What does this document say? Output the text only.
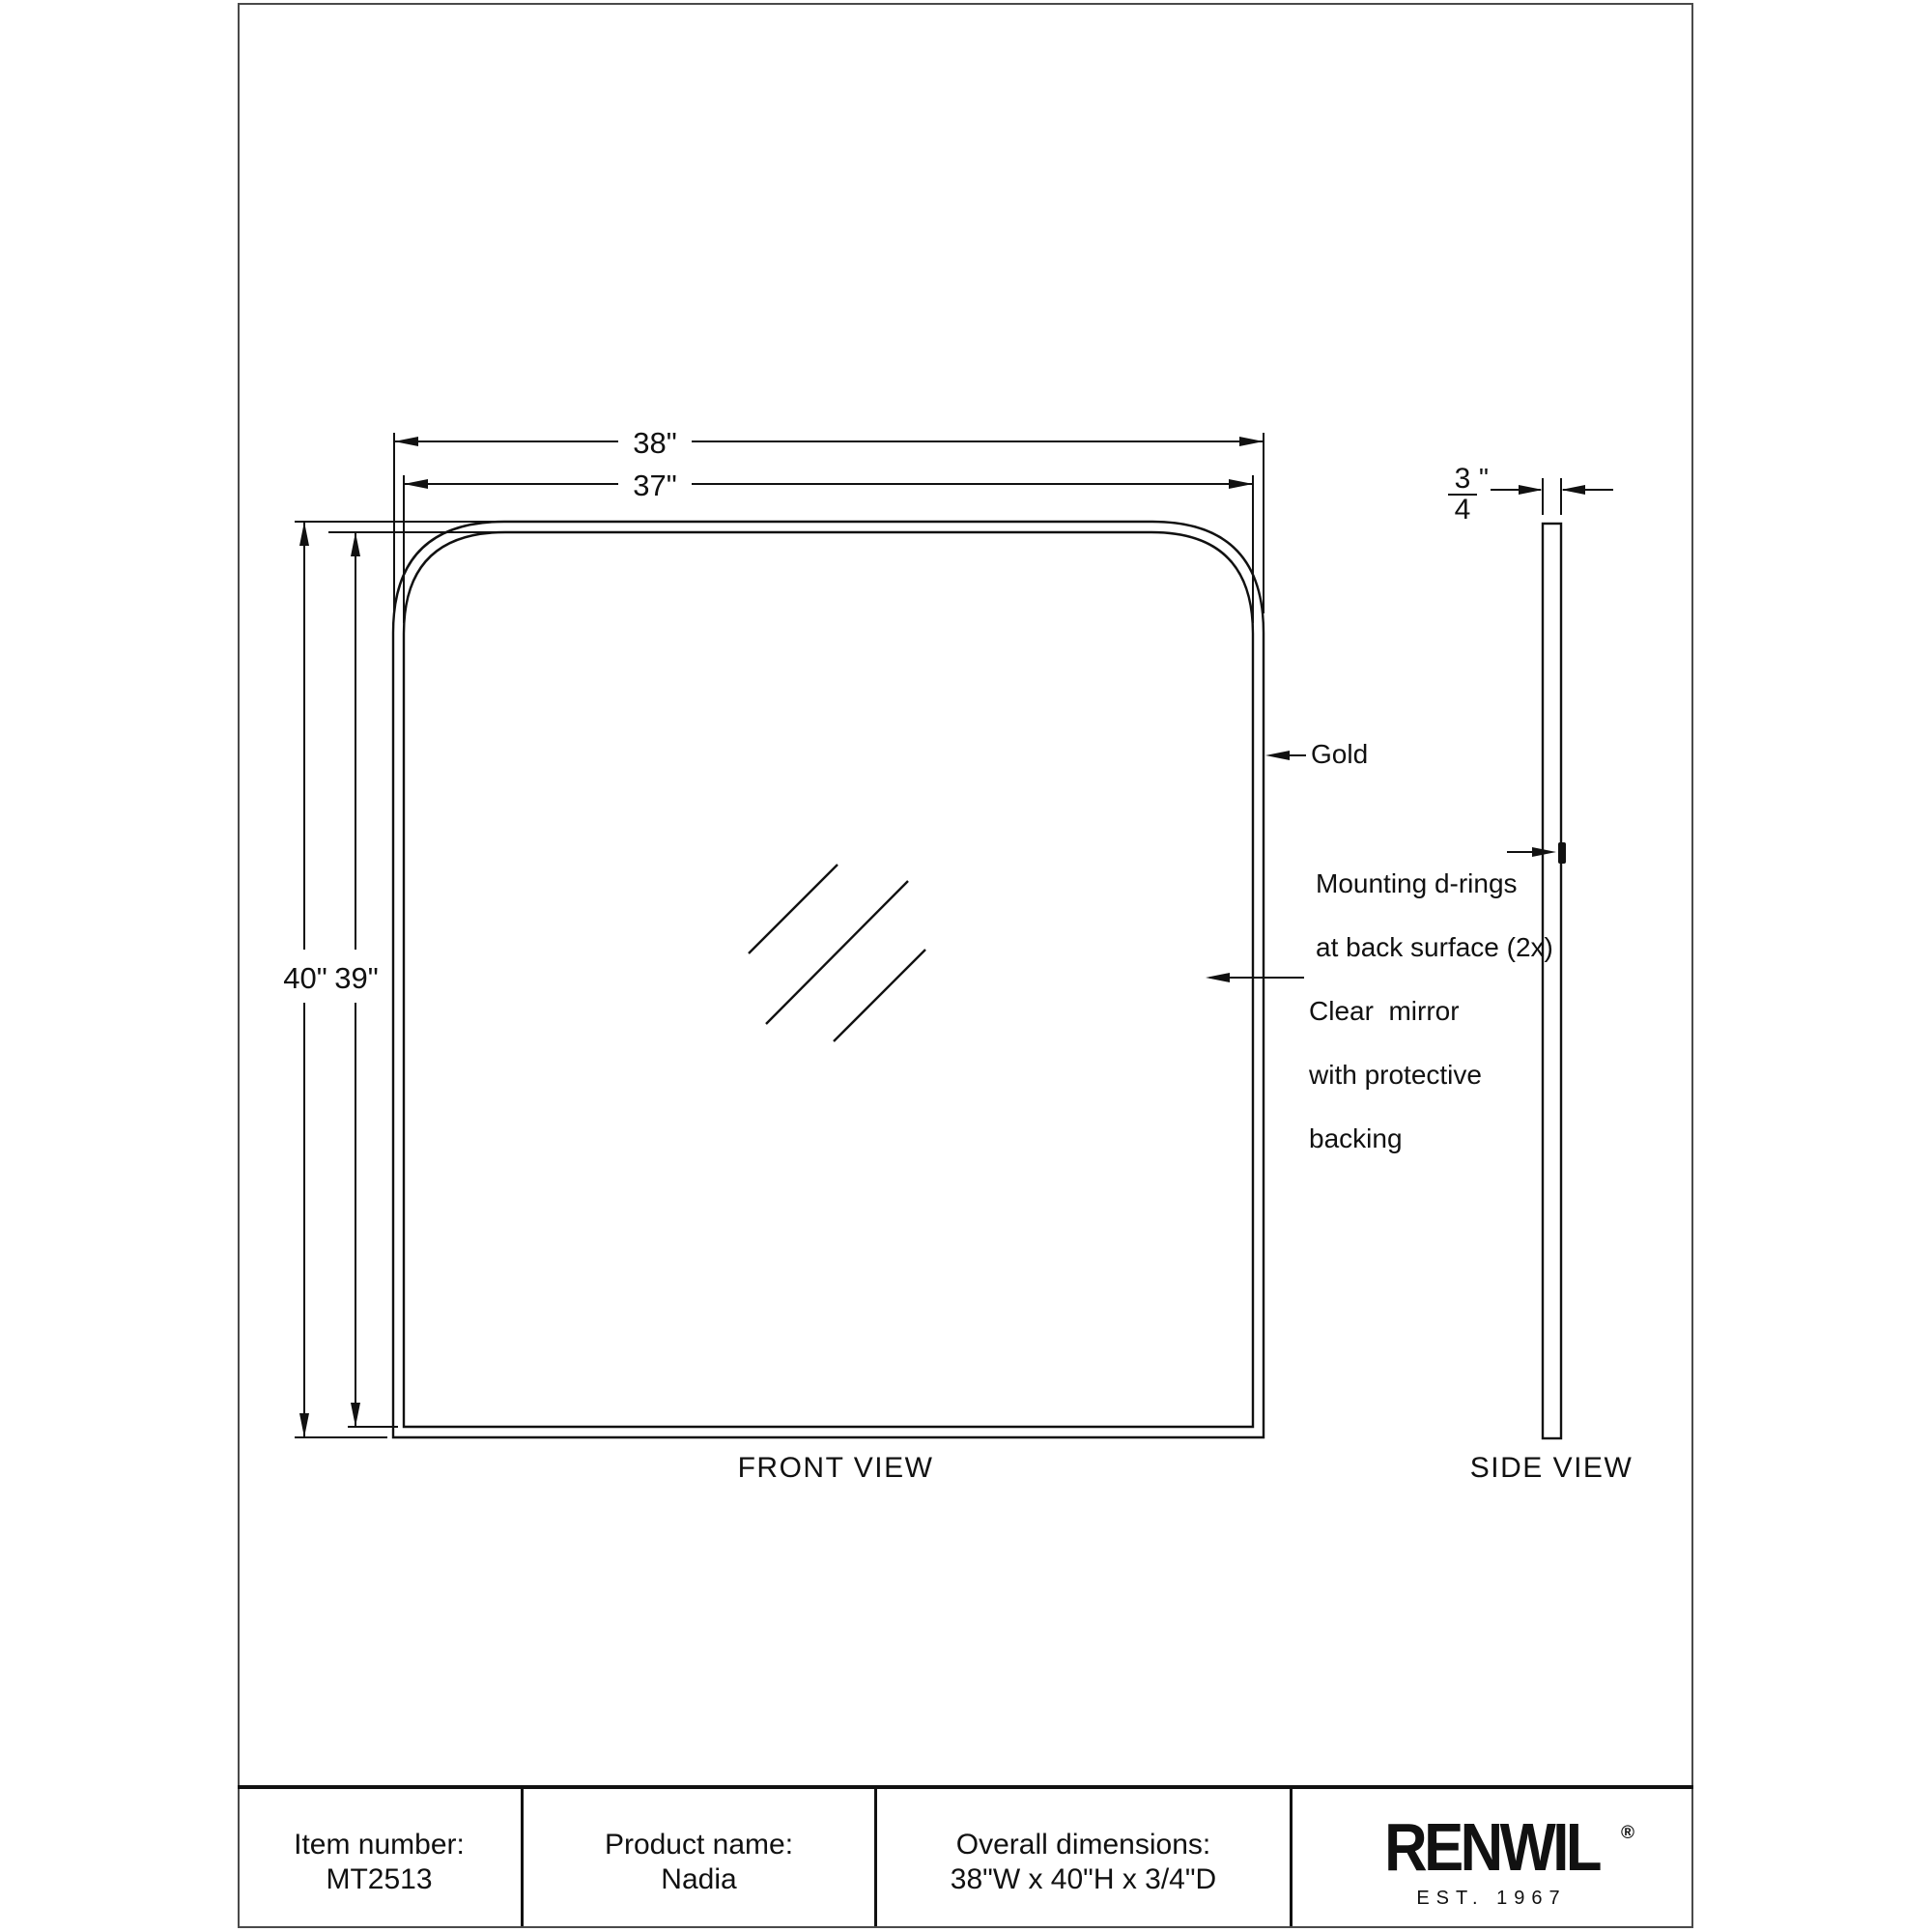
38"
37"
40" 39"
"
3
4
Gold

Mounting d-rings

at back surface (2x)

Clear  mirror

with protective

backing

FRONT VIEW	SIDE VIEW
Item number:
MT2513
Product name:
Nadia
Overall dimensions:
38"W x 40"H x 3/4"D RENWIL ®
EST. 1967
